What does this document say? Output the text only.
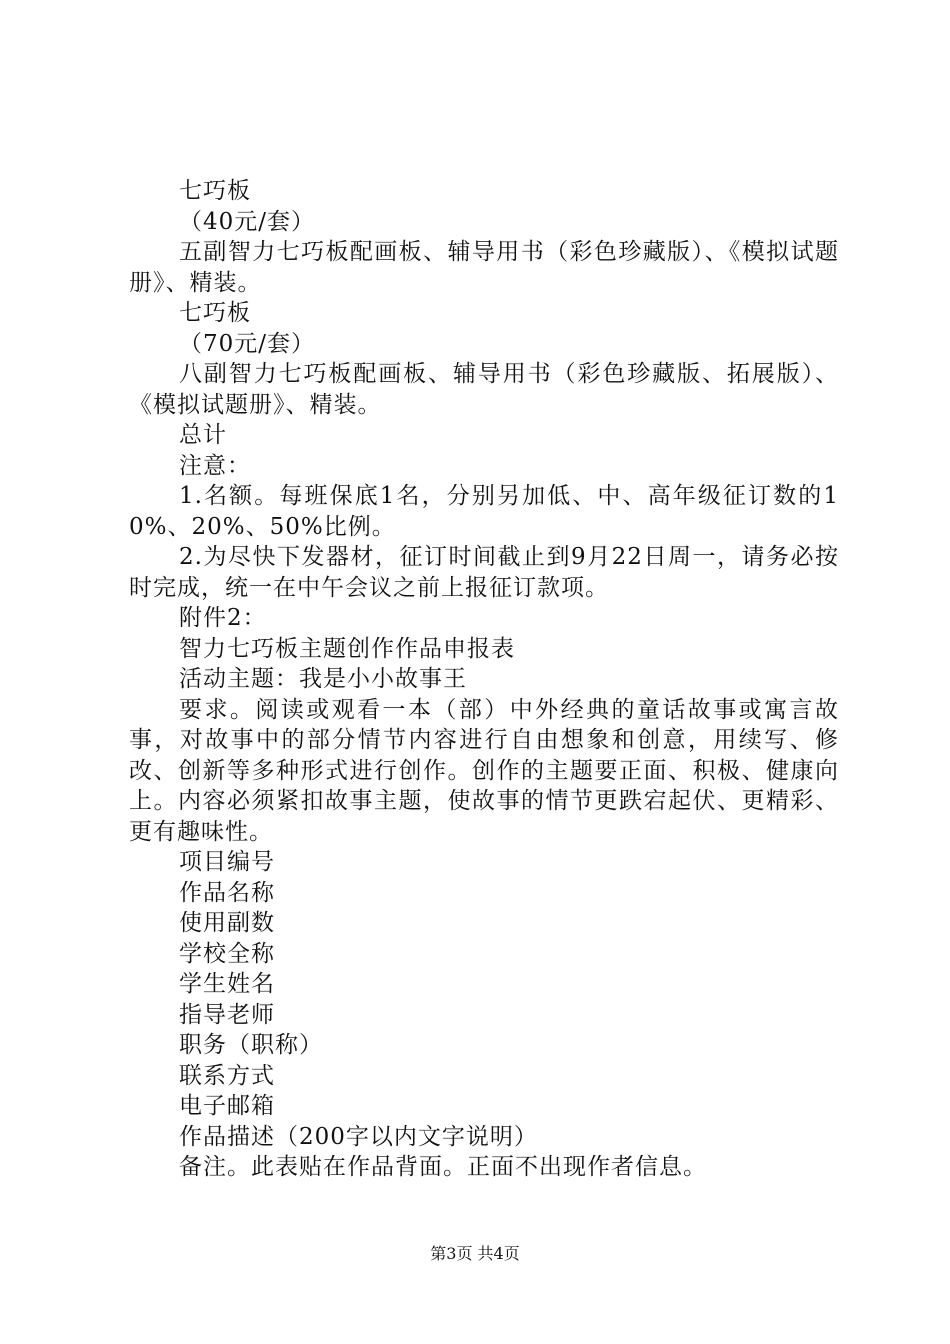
七巧板

（40元/套）

五副智力七巧板配画板、辅导用书（彩色珍藏版）、《模拟试题册》、精装。

七巧板

（70元/套）

八副智力七巧板配画板、辅导用书（彩色珍藏版、拓展版）、《模拟试题册》、精装。

总计

注意：

1.名额。每班保底1名，分别另加低、中、高年级征订数的10%、20%、50%比例。

2.为尽快下发器材，征订时间截止到9月22日周一，请务必按时完成，统一在中午会议之前上报征订款项。

附件2：

智力七巧板主题创作作品申报表

活动主题：我是小小故事王

要求。阅读或观看一本（部）中外经典的童话故事或寓言故事，对故事中的部分情节内容进行自由想象和创意，用续写、修改、创新等多种形式进行创作。创作的主题要正面、积极、健康向上。内容必须紧扣故事主题，使故事的情节更跌宕起伏、更精彩、更有趣味性。

项目编号

作品名称

使用副数

学校全称

学生姓名

指导老师

职务（职称）

联系方式

电子邮箱

作品描述（200字以内文字说明）

备注。此表贴在作品背面。正面不出现作者信息。

第3页 共4页
